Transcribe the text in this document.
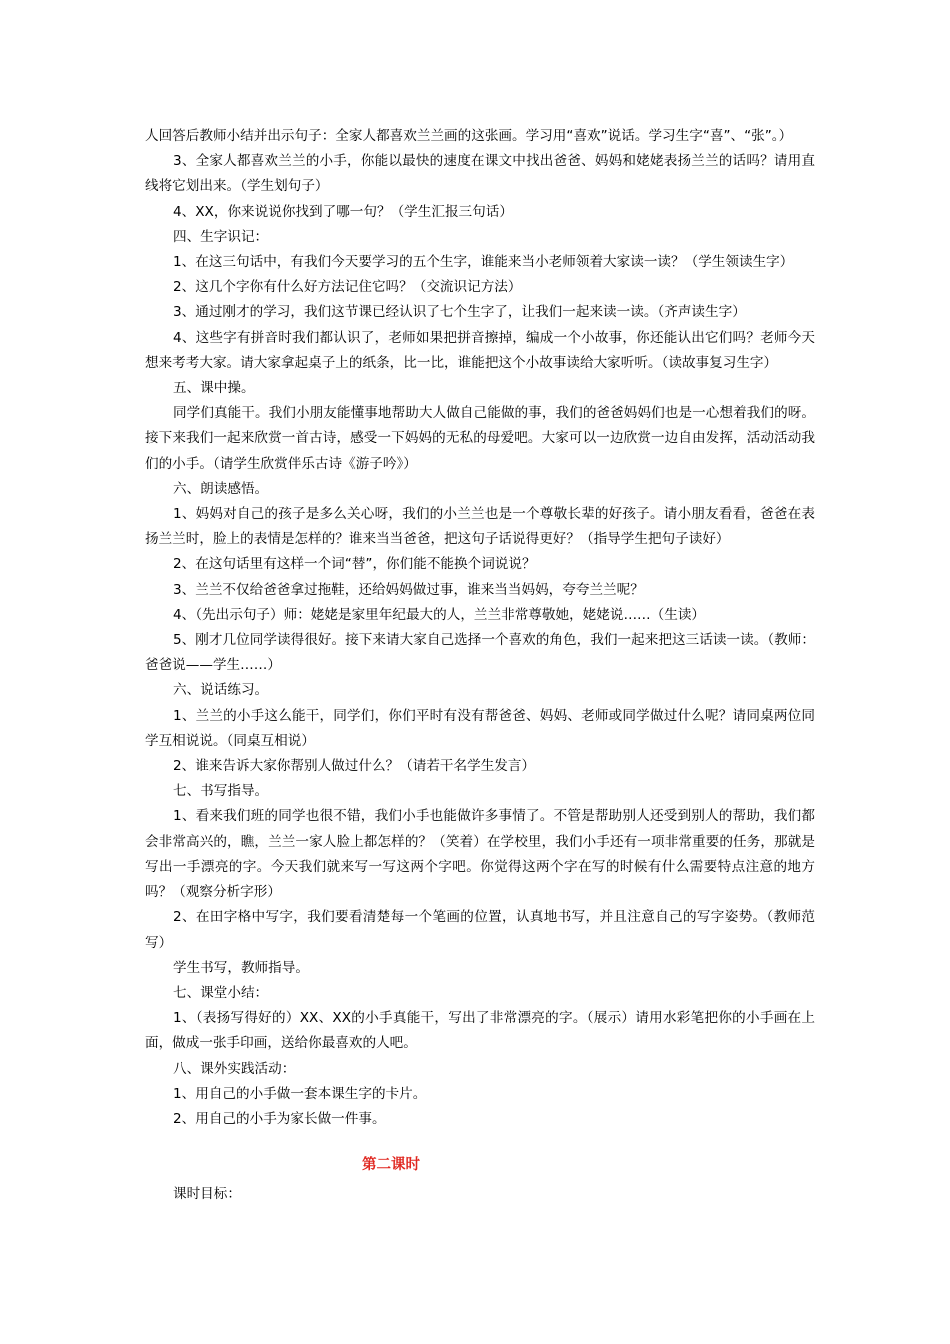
人回答后教师小结并出示句子：全家人都喜欢兰兰画的这张画。学习用“喜欢”说话。学习生字“喜”、“张”。）

3、全家人都喜欢兰兰的小手，你能以最快的速度在课文中找出爸爸、妈妈和姥姥表扬兰兰的话吗？请用直线将它划出来。（学生划句子）

4、XX，你来说说你找到了哪一句？（学生汇报三句话）

四、生字识记：

1、在这三句话中，有我们今天要学习的五个生字，谁能来当小老师领着大家读一读？（学生领读生字）

2、这几个字你有什么好方法记住它吗？（交流识记方法）

3、通过刚才的学习，我们这节课已经认识了七个生字了，让我们一起来读一读。（齐声读生字）

4、这些字有拼音时我们都认识了，老师如果把拼音擦掉，编成一个小故事，你还能认出它们吗？老师今天想来考考大家。请大家拿起桌子上的纸条，比一比，谁能把这个小故事读给大家听听。（读故事复习生字）

五、课中操。

同学们真能干。我们小朋友能懂事地帮助大人做自己能做的事，我们的爸爸妈妈们也是一心想着我们的呀。接下来我们一起来欣赏一首古诗，感受一下妈妈的无私的母爱吧。大家可以一边欣赏一边自由发挥，活动活动我们的小手。（请学生欣赏伴乐古诗《游子吟》）

六、朗读感悟。

1、妈妈对自己的孩子是多么关心呀，我们的小兰兰也是一个尊敬长辈的好孩子。请小朋友看看，爸爸在表扬兰兰时，脸上的表情是怎样的？谁来当当爸爸，把这句子话说得更好？（指导学生把句子读好）

2、在这句话里有这样一个词“替”，你们能不能换个词说说？

3、兰兰不仅给爸爸拿过拖鞋，还给妈妈做过事，谁来当当妈妈，夸夸兰兰呢？

4、（先出示句子）师：姥姥是家里年纪最大的人，兰兰非常尊敬她，姥姥说……（生读）

5、刚才几位同学读得很好。接下来请大家自己选择一个喜欢的角色，我们一起来把这三话读一读。（教师：爸爸说——学生……）

六、说话练习。

1、兰兰的小手这么能干，同学们，你们平时有没有帮爸爸、妈妈、老师或同学做过什么呢？请同桌两位同学互相说说。（同桌互相说）

2、谁来告诉大家你帮别人做过什么？（请若干名学生发言）

七、书写指导。

1、看来我们班的同学也很不错，我们小手也能做许多事情了。不管是帮助别人还受到别人的帮助，我们都会非常高兴的，瞧，兰兰一家人脸上都怎样的？（笑着）在学校里，我们小手还有一项非常重要的任务，那就是写出一手漂亮的字。今天我们就来写一写这两个字吧。你觉得这两个字在写的时候有什么需要特点注意的地方吗？（观察分析字形）

2、在田字格中写字，我们要看清楚每一个笔画的位置，认真地书写，并且注意自己的写字姿势。（教师范写）

学生书写，教师指导。

七、课堂小结：

1、（表扬写得好的）XX、XX的小手真能干，写出了非常漂亮的字。（展示）请用水彩笔把你的小手画在上面，做成一张手印画，送给你最喜欢的人吧。

八、课外实践活动：

1、用自己的小手做一套本课生字的卡片。

2、用自己的小手为家长做一件事。

第二课时
课时目标：
